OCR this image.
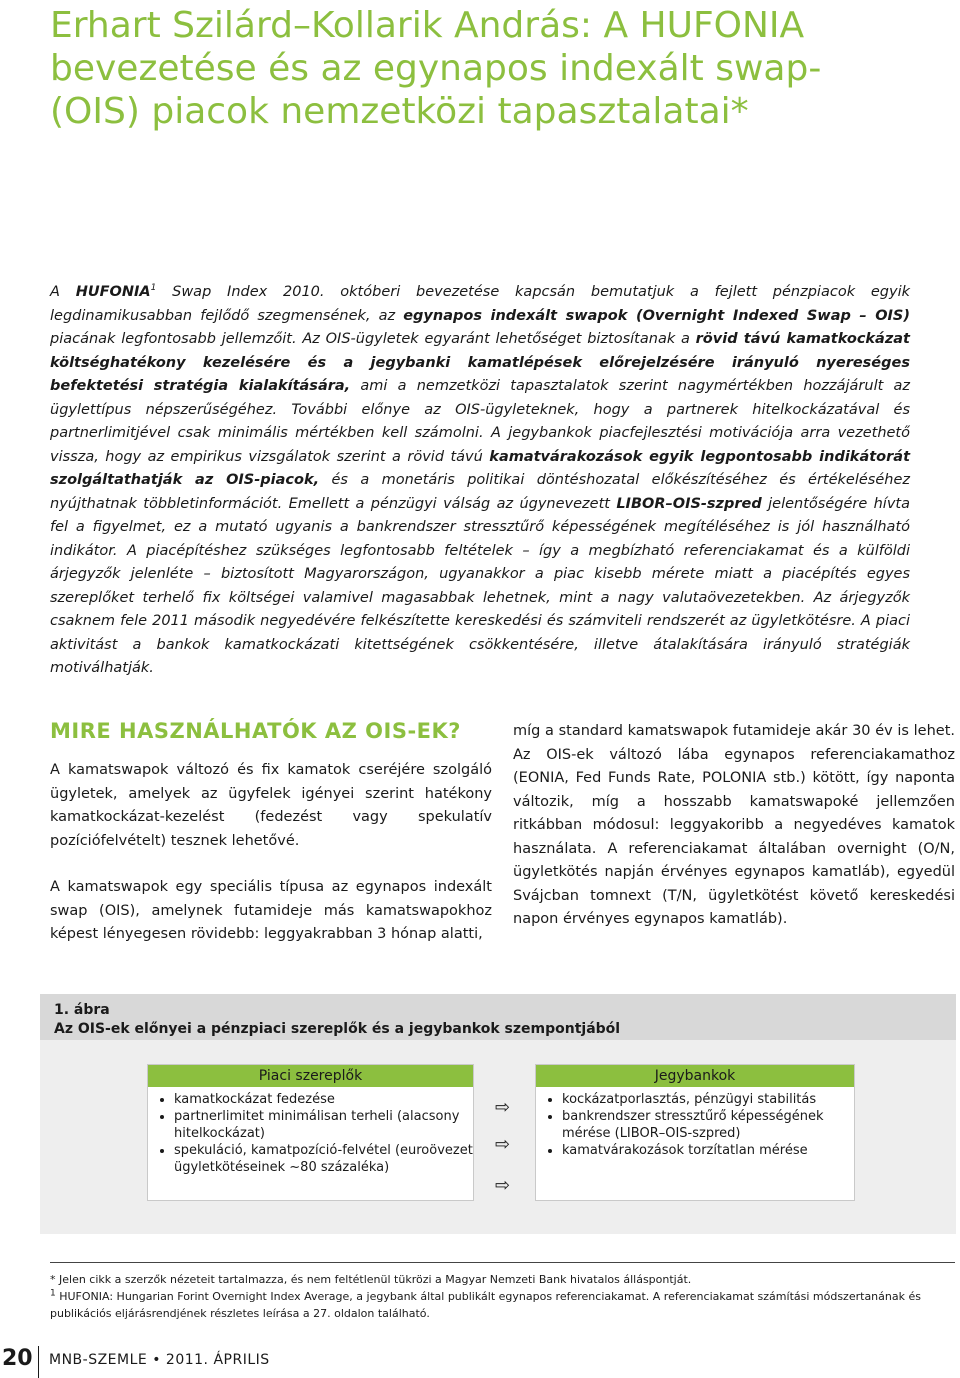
Erhart Szilárd–Kollarik András: A HUFONIA bevezetése és az egynapos indexált swap- (OIS) piacok nemzetközi tapasztalatai*

A HUFONIA$^1$ Swap Index 2010. októberi bevezetése kapcsán bemutatjuk a fejlett pénzpiacok egyik legdinamikusabban fejlődő szegmensének, az egynapos indexált swapok (Overnight Indexed Swap – OIS) piacának legfontosabb jellemzőit. Az OIS-ügyletek egyaránt lehetőséget biztosítanak a rövid távú kamatkockázat költséghatékony kezelésére és a jegybanki kamatlépések előrejelzésére irányuló nyereséges befektetési stratégia kialakítására, ami a nemzetközi tapasztalatok szerint nagymértékben hozzájárult az ügylettípus népszerűségéhez. További előnye az OIS-ügyleteknek, hogy a partnerek hitelkockázatával és partnerlimitjével csak minimális mértékben kell számolni. A jegybankok piacfejlesztési motivációja arra vezethető vissza, hogy az empirikus vizsgálatok szerint a rövid távú kamatvárakozások egyik legpontosabb indikátorát szolgáltathatják az OIS-piacok, és a monetáris politikai döntéshozatal előkészítéséhez és értékeléséhez nyújthatnak többletinformációt. Emellett a pénzügyi válság az úgynevezett LIBOR–OIS-szpred jelentőségére hívta fel a figyelmet, ez a mutató ugyanis a bankrendszer stressztűrő képességének megítéléséhez is jól használható indikátor. A piacépítéshez szükséges legfontosabb feltételek – így a megbízható referenciakamat és a külföldi árjegyzők jelenléte – biztosított Magyarországon, ugyanakkor a piac kisebb mérete miatt a piacépítés egyes szereplőket terhelő fix költségei valamivel magasabbak lehetnek, mint a nagy valutaövezetekben. Az árjegyzők csaknem fele 2011 második negyedévére felkészítette kereskedési és számviteli rendszerét az ügyletkötésre. A piaci aktivitást a bankok kamatkockázati kitettségének csökkentésére, illetve átalakítására irányuló stratégiák motiválhatják.

MIRE HASZNÁLHATÓK AZ OIS-EK?

A kamatswapok változó és fix kamatok cseréjére szolgáló ügyletek, amelyek az ügyfelek igényei szerint hatékony kamatkockázat-kezelést (fedezést vagy spekulatív pozíciófelvételt) tesznek lehetővé.

A kamatswapok egy speciális típusa az egynapos indexált swap (OIS), amelynek futamideje más kamatswapokhoz képest lényegesen rövidebb: leggyakrabban 3 hónap alatti,

míg a standard kamatswapok futamideje akár 30 év is lehet. Az OIS-ek változó lába egynapos referenciakamathoz (EONIA, Fed Funds Rate, POLONIA stb.) kötött, így naponta változik, míg a hosszabb kamatswapoké jellemzően ritkábban módosul: leggyakoribb a negyedéves kamatok használata. A referenciakamat általában overnight (O/N, ügyletkötés napján érvényes egynapos kamatláb), egyedül Svájcban tomnext (T/N, ügyletkötést követő kereskedési napon érvényes egynapos kamatláb).

1. ábra
Az OIS-ek előnyei a pénzpiaci szereplők és a jegybankok szempontjából
Piaci szereplők
• kamatkockázat fedezése
• partnerlimitet minimálisan terheli (alacsony hitelkockázat)
• spekuláció, kamatpozíció-felvétel (euroövezet ügyletkötéseinek ~80 százaléka)
⇨
⇨
⇨
Jegybankok
• kockázatporlasztás, pénzügyi stabilitás
• bankrendszer stressztűrő képességének mérése (LIBOR–OIS-szpred)
• kamatvárakozások torzítatlan mérése

* Jelen cikk a szerzők nézeteit tartalmazza, és nem feltétlenül tükrözi a Magyar Nemzeti Bank hivatalos álláspontját.

$^1$ HUFONIA: Hungarian Forint Overnight Index Average, a jegybank által publikált egynapos referenciakamat. A referenciakamat számítási módszertanának és publikációs eljárásrendjének részletes leírása a 27. oldalon található.

20	MNB-SZEMLE • 2011. ÁPRILIS
